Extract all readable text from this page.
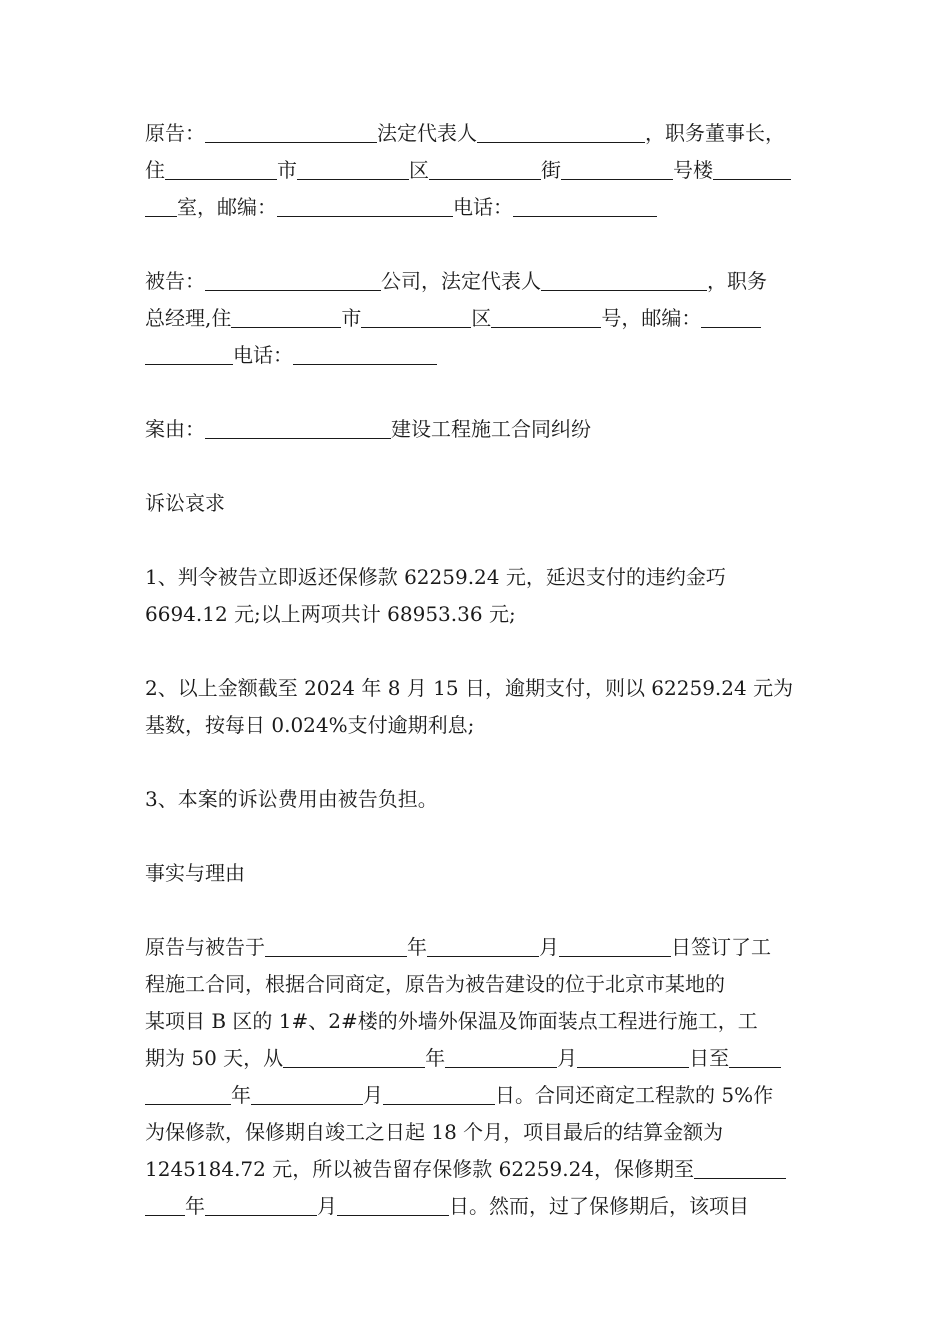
原告：	法定代表人	，职务董事长，
住	市	区	街	号楼
室，邮编：	电话：
被告：	公司，法定代表人	，职务
总经理,住	市	区	号，邮编：
电话：
案由：	建设工程施工合同纠纷
诉讼哀求
1、判令被告立即返还保修款 62259.24 元，延迟支付的违约金巧
6694.12 元;以上两项共计 68953.36 元;
2、以上金额截至 2024 年 8 月 15 日，逾期支付，则以 62259.24 元为
基数，按每日 0.024%支付逾期利息;
3、本案的诉讼费用由被告负担。
事实与理由
原告与被告于	年	月	日签订了工
程施工合同，根据合同商定，原告为被告建设的位于北京市某地的
某项目 B 区的 1#、2#楼的外墙外保温及饰面装点工程进行施工，工
期为 50 天，从	年	月	日至
年	月	日。合同还商定工程款的 5%作
为保修款，保修期自竣工之日起 18 个月，项目最后的结算金额为
1245184.72 元，所以被告留存保修款 62259.24，保修期至
年	月	日。然而，过了保修期后，该项目
